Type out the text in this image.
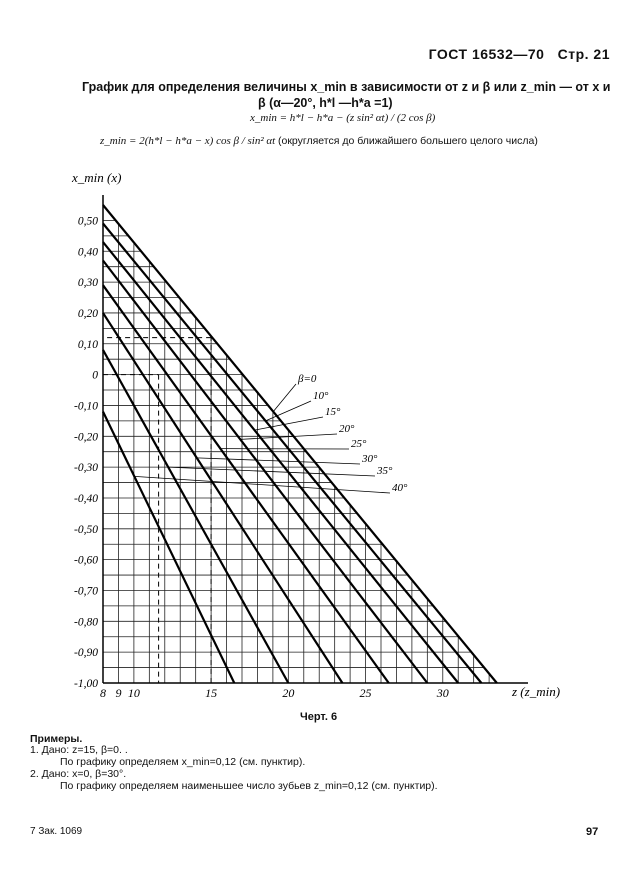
ГОСТ 16532—70 Стр. 21
График для определения величины x_min в зависимости от z и β или z_min — от x и
β (α—20°, h*l —h*a =1)
x_min = h*l − h*a − (z sin² αt) / (2 cos β)
z_min = 2(h*l − h*a − x) cos β / sin² αt (округляется до ближайшего большего целого числа)
0,50
0,40
0,30
0,20
0,10
0
-0,10
-0,20
-0,30
-0,40
-0,50
-0,60
-0,70
-0,80
-0,90
-1,00
8 9 10	15	20	25	30
β=0
10°
15°
20°
25°
30°
35°
40°
x_min (x)
z (z_min)
Черт. 6
Примеры.
1. Дано: z=15, β=0. .
По графику определяем x_min=0,12 (см. пунктир).
2. Дано: x=0, β=30°.
По графику определяем наименьшее число зубьев z_min=0,12 (см. пунктир).
7 Зак. 1069	97
